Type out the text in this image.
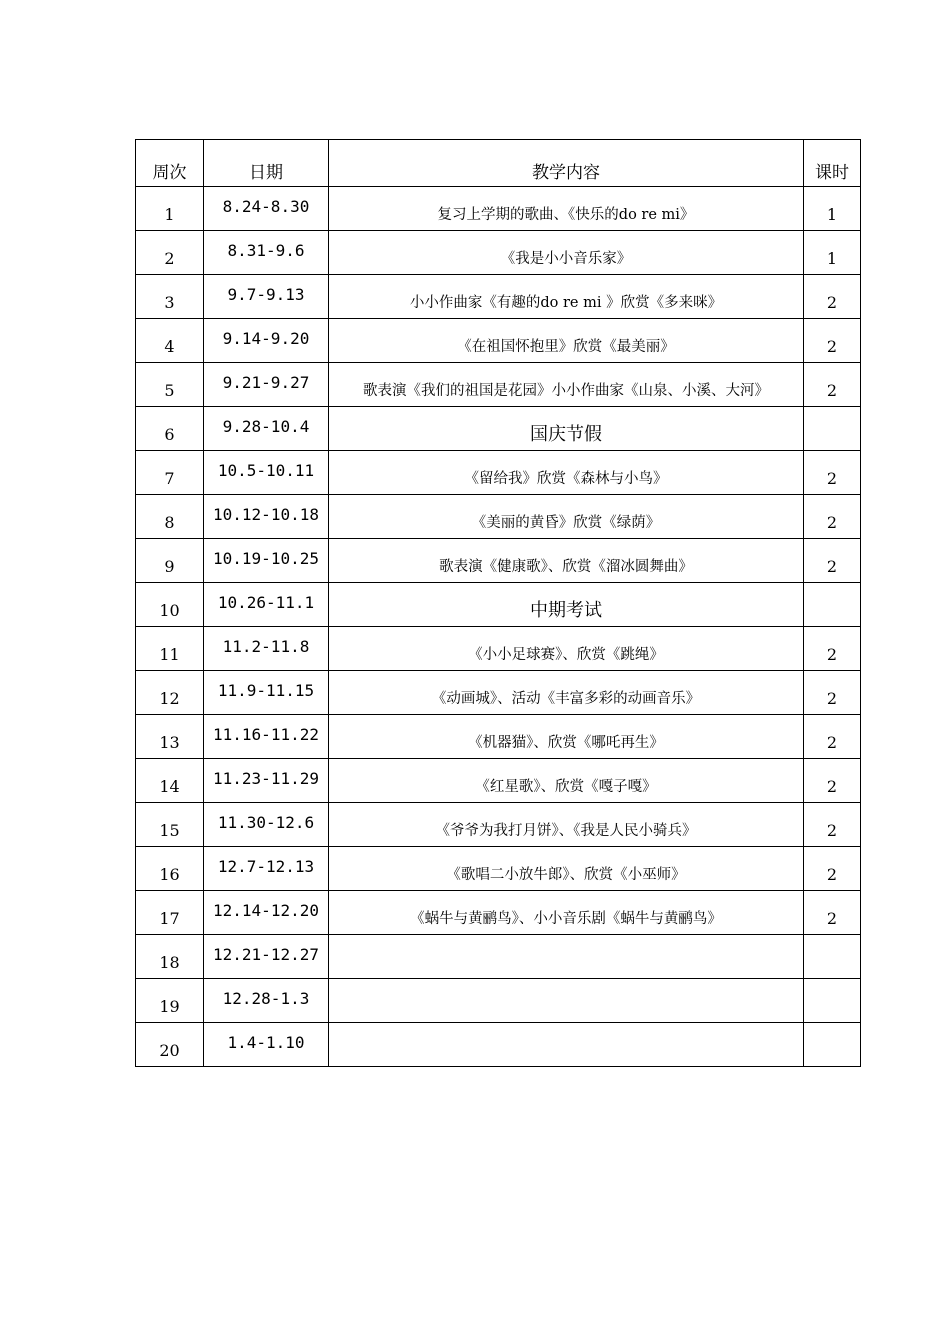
周次	日期	教学内容	课时
1	8.24-8.30	复习上学期的歌曲、《快乐的do re mi》	1
2	8.31-9.6	《我是小小音乐家》	1
3	9.7-9.13	小小作曲家《有趣的do re mi 》欣赏《多来咪》	2
4	9.14-9.20	《在祖国怀抱里》欣赏《最美丽》	2
5	9.21-9.27	歌表演《我们的祖国是花园》小小作曲家《山泉、小溪、大河》	2
6	9.28-10.4	国庆节假	
7	10.5-10.11	《留给我》欣赏《森林与小鸟》	2
8	10.12-10.18	《美丽的黄昏》欣赏《绿荫》	2
9	10.19-10.25	歌表演《健康歌》、欣赏《溜冰圆舞曲》	2
10	10.26-11.1	中期考试	
11	11.2-11.8	《小小足球赛》、欣赏《跳绳》	2
12	11.9-11.15	《动画城》、活动《丰富多彩的动画音乐》	2
13	11.16-11.22	《机器猫》、欣赏《哪吒再生》	2
14	11.23-11.29	《红星歌》、欣赏《嘎子嘎》	2
15	11.30-12.6	《爷爷为我打月饼》、《我是人民小骑兵》	2
16	12.7-12.13	《歌唱二小放牛郎》、欣赏《小巫师》	2
17	12.14-12.20	《蜗牛与黄鹂鸟》、小小音乐剧《蜗牛与黄鹂鸟》	2
18	12.21-12.27		
19	12.28-1.3		
20	1.4-1.10		
